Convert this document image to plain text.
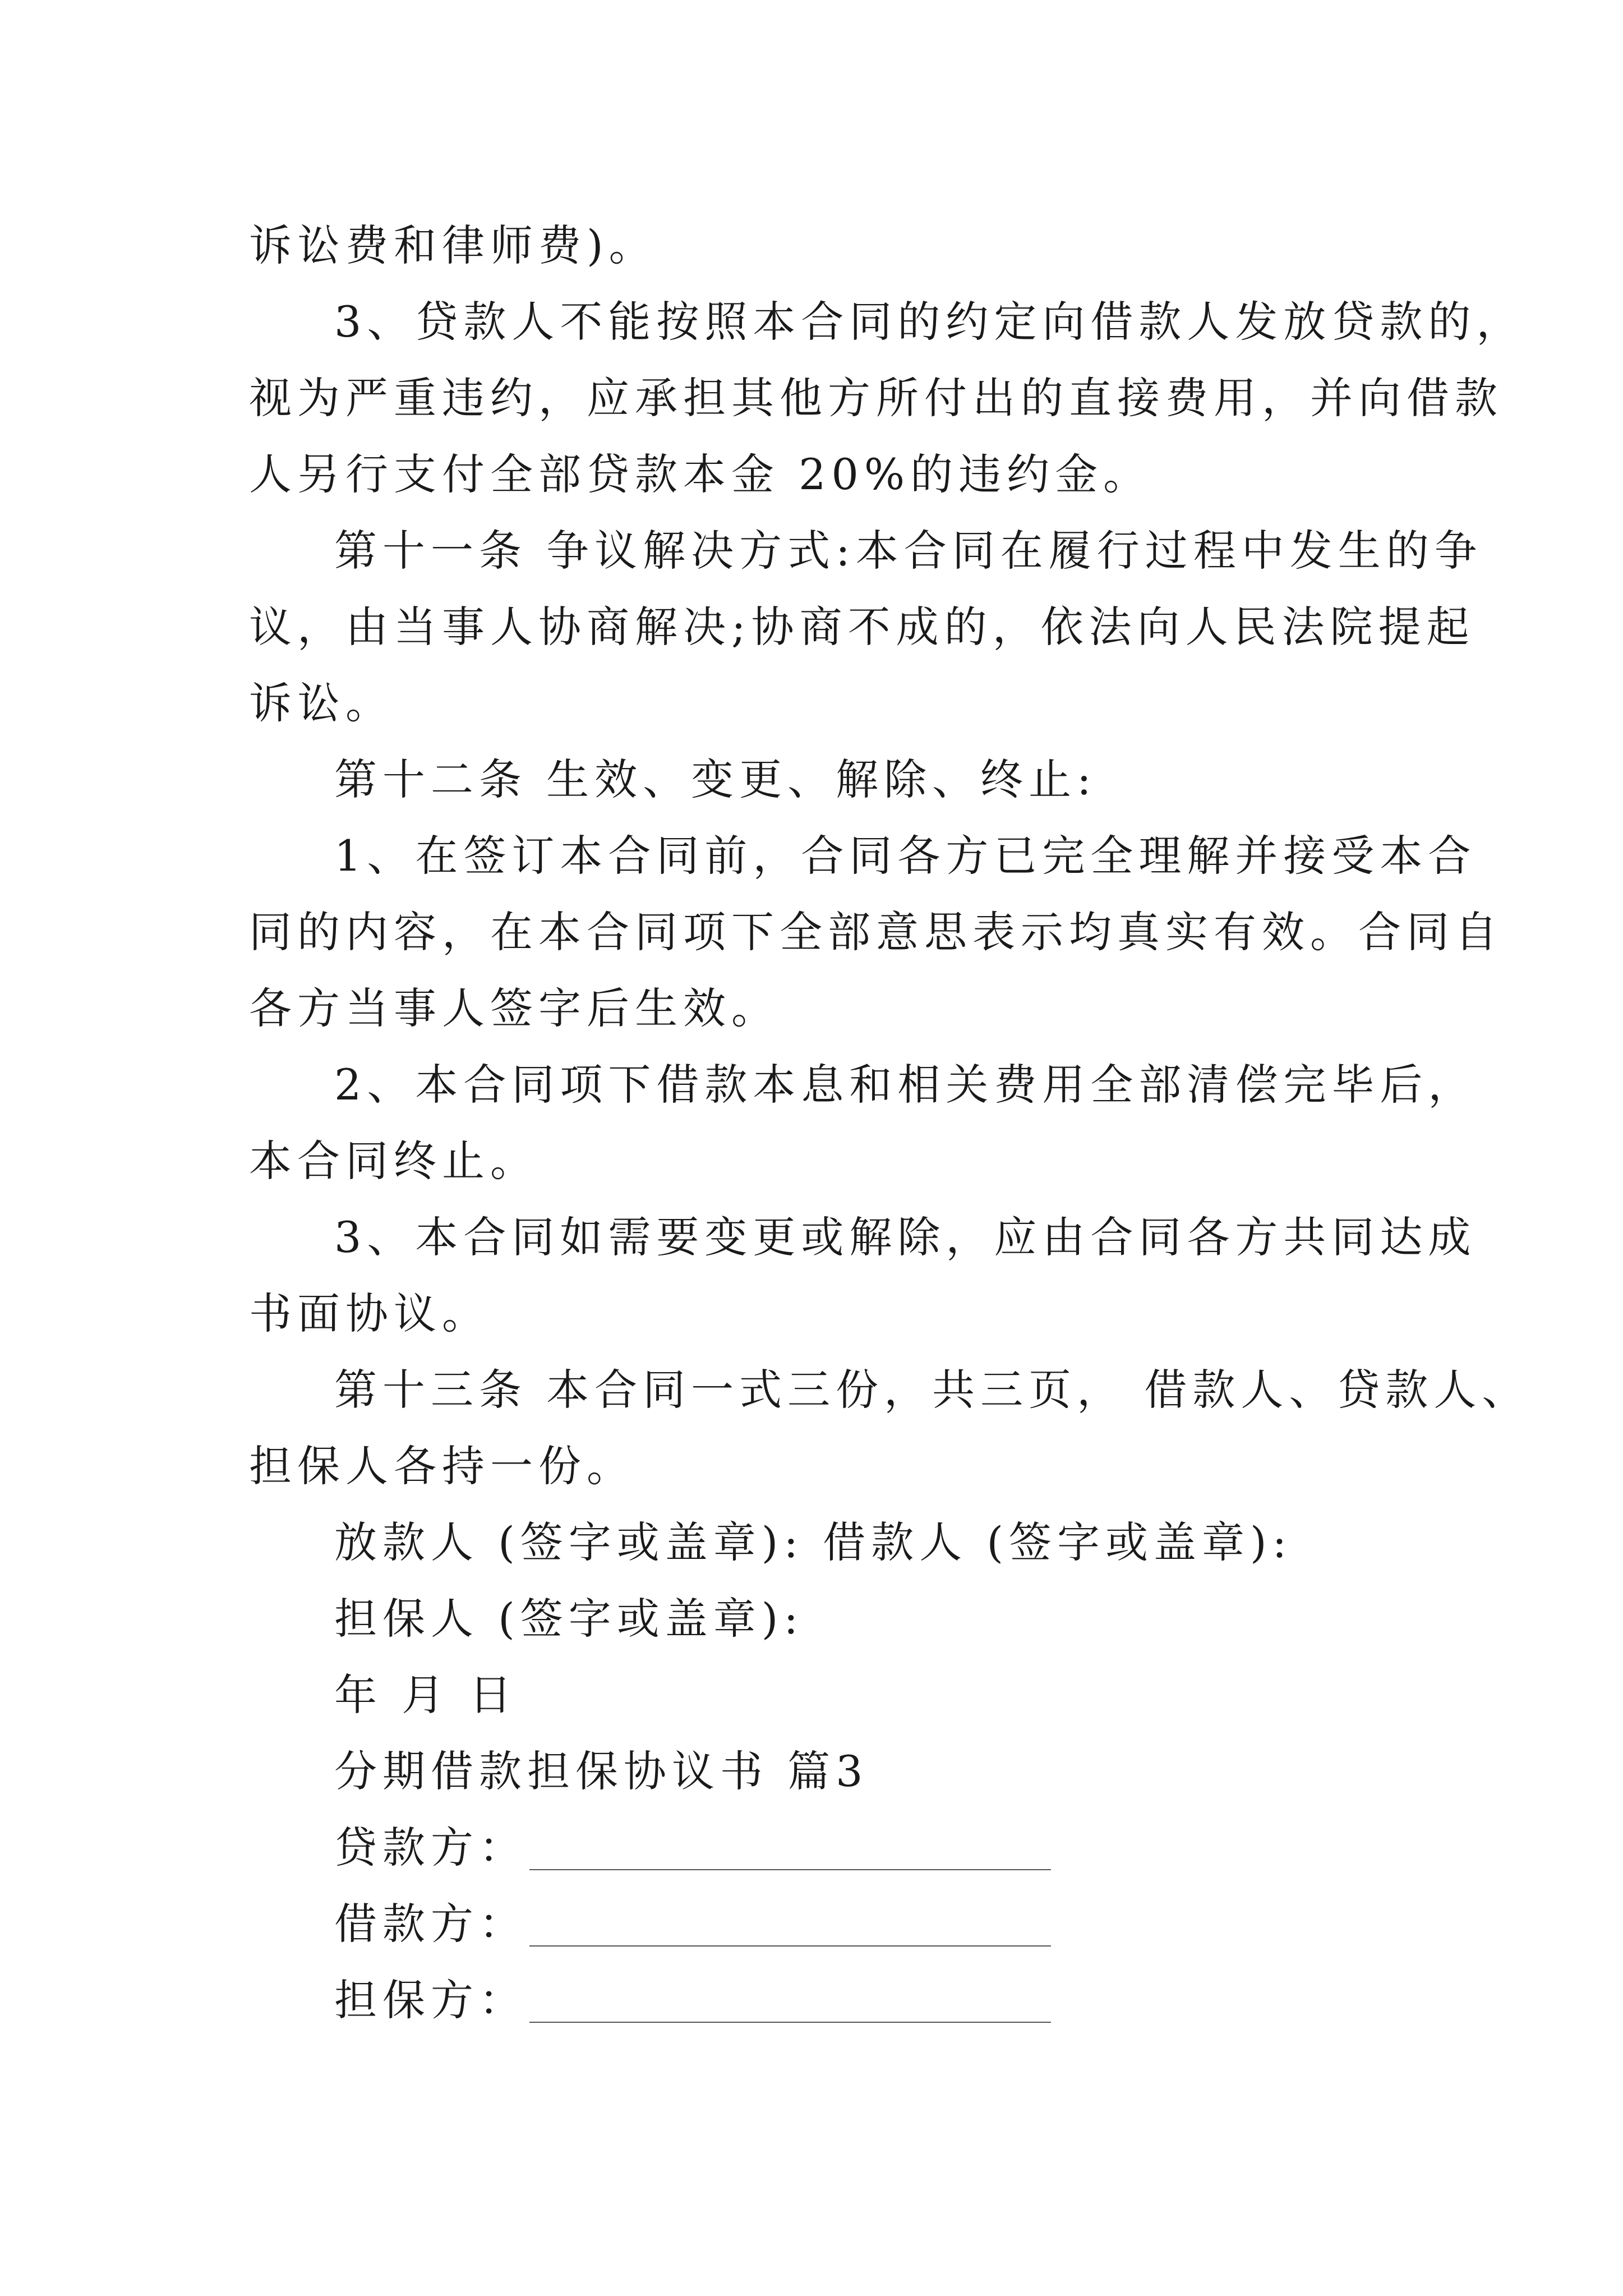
诉讼费和律师费)。
3、贷款人不能按照本合同的约定向借款人发放贷款的，
视为严重违约，应承担其他方所付出的直接费用，并向借款
人另行支付全部贷款本金 20%的违约金。
第十一条 争议解决方式:本合同在履行过程中发生的争
议，由当事人协商解决;协商不成的，依法向人民法院提起
诉讼。
第十二条 生效、变更、解除、终止:
1、在签订本合同前，合同各方已完全理解并接受本合
同的内容，在本合同项下全部意思表示均真实有效。合同自
各方当事人签字后生效。
2、本合同项下借款本息和相关费用全部清偿完毕后，
本合同终止。
3、本合同如需要变更或解除，应由合同各方共同达成
书面协议。
第十三条 本合同一式三份，共三页， 借款人、贷款人、
担保人各持一份。
放款人 (签字或盖章): 借款人 (签字或盖章):
担保人 (签字或盖章):
年 月 日
分期借款担保协议书 篇3
贷款方：
借款方：
担保方：
